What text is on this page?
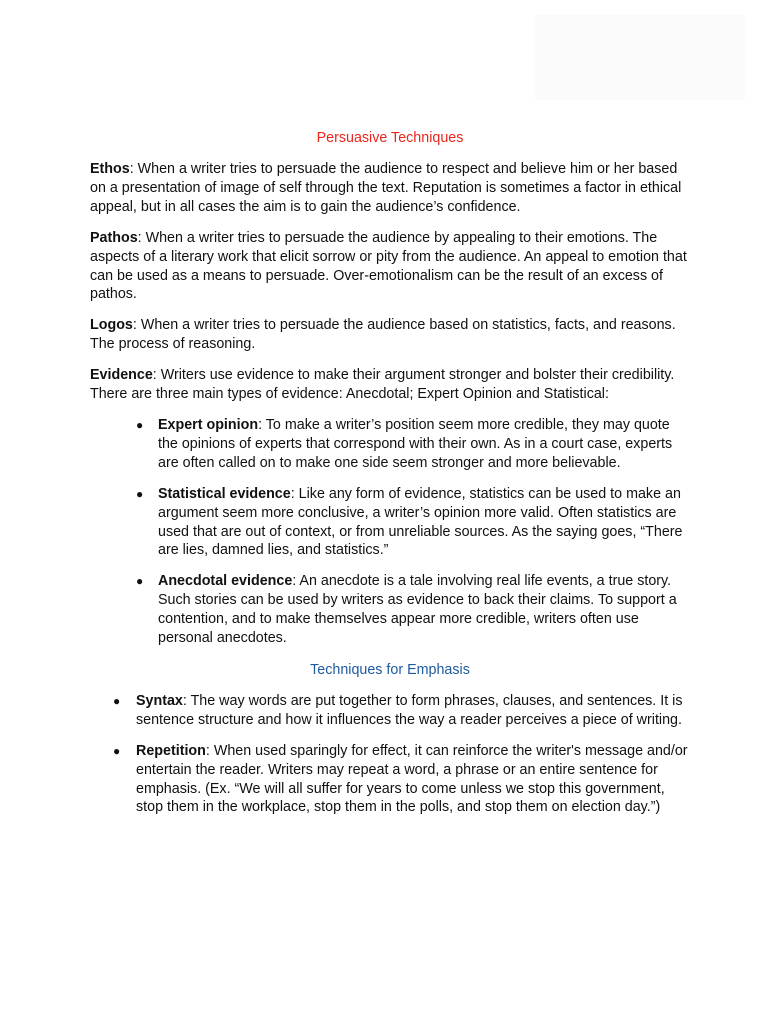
Persuasive Techniques

Ethos: When a writer tries to persuade the audience to respect and believe him or her based on a presentation of image of self through the text. Reputation is sometimes a factor in ethical appeal, but in all cases the aim is to gain the audience’s confidence.

Pathos: When a writer tries to persuade the audience by appealing to their emotions. The aspects of a literary work that elicit sorrow or pity from the audience. An appeal to emotion that can be used as a means to persuade. Over-emotionalism can be the result of an excess of pathos.

Logos: When a writer tries to persuade the audience based on statistics, facts, and reasons. The process of reasoning.

Evidence: Writers use evidence to make their argument stronger and bolster their credibility. There are three main types of evidence: Anecdotal; Expert Opinion and Statistical:

● Expert opinion: To make a writer’s position seem more credible, they may quote the opinions of experts that correspond with their own. As in a court case, experts are often called on to make one side seem stronger and more believable.
● Statistical evidence: Like any form of evidence, statistics can be used to make an argument seem more conclusive, a writer’s opinion more valid. Often statistics are used that are out of context, or from unreliable sources. As the saying goes, “There are lies, damned lies, and statistics.”
● Anecdotal evidence: An anecdote is a tale involving real life events, a true story. Such stories can be used by writers as evidence to back their claims. To support a contention, and to make themselves appear more credible, writers often use personal anecdotes.
Techniques for Emphasis
● Syntax: The way words are put together to form phrases, clauses, and sentences. It is sentence structure and how it influences the way a reader perceives a piece of writing.
● Repetition: When used sparingly for effect, it can reinforce the writer's message and/or entertain the reader. Writers may repeat a word, a phrase or an entire sentence for emphasis. (Ex. “We will all suffer for years to come unless we stop this government, stop them in the workplace, stop them in the polls, and stop them on election day.”)
